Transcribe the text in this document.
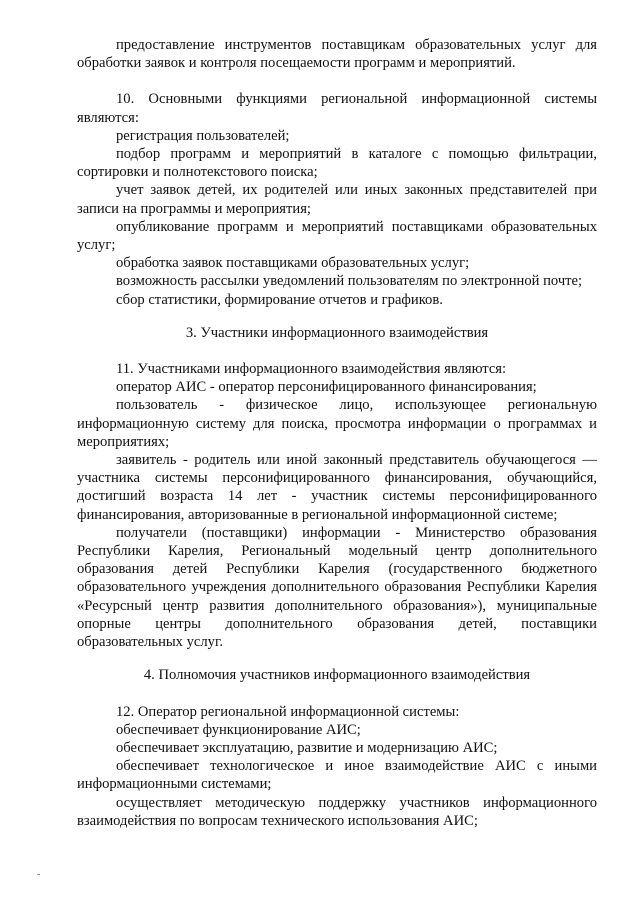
предоставление инструментов поставщикам образовательных услуг для обработки заявок и контроля посещаемости программ и мероприятий.

10. Основными функциями региональной информационной системы являются:

регистрация пользователей;

подбор программ и мероприятий в каталоге с помощью фильтрации, сортировки и полнотекстового поиска;

учет заявок детей, их родителей или иных законных представителей при записи на программы и мероприятия;

опубликование программ и мероприятий поставщиками образовательных услуг;

обработка заявок поставщиками образовательных услуг;

возможность рассылки уведомлений пользователям по электронной почте;

сбор статистики, формирование отчетов и графиков.

3. Участники информационного взаимодействия

11. Участниками информационного взаимодействия являются:

оператор АИС - оператор персонифицированного финансирования;

пользователь - физическое лицо, использующее региональную информационную систему для поиска, просмотра информации о программах и мероприятиях;

заявитель - родитель или иной законный представитель обучающегося — участника системы персонифицированного финансирования, обучающийся, достигший возраста 14 лет - участник системы персонифицированного финансирования, авторизованные в региональной информационной системе;

получатели (поставщики) информации - Министерство образования Республики Карелия, Региональный модельный центр дополнительного образования детей Республики Карелия (государственного бюджетного образовательного учреждения дополнительного образования Республики Карелия «Ресурсный центр развития дополнительного образования»), муниципальные опорные центры дополнительного образования детей, поставщики образовательных услуг.

4. Полномочия участников информационного взаимодействия

12. Оператор региональной информационной системы:

обеспечивает функционирование АИС;

обеспечивает эксплуатацию, развитие и модернизацию АИС;

обеспечивает технологическое и иное взаимодействие АИС с иными информационными системами;

осуществляет методическую поддержку участников информационного взаимодействия по вопросам технического использования АИС;
